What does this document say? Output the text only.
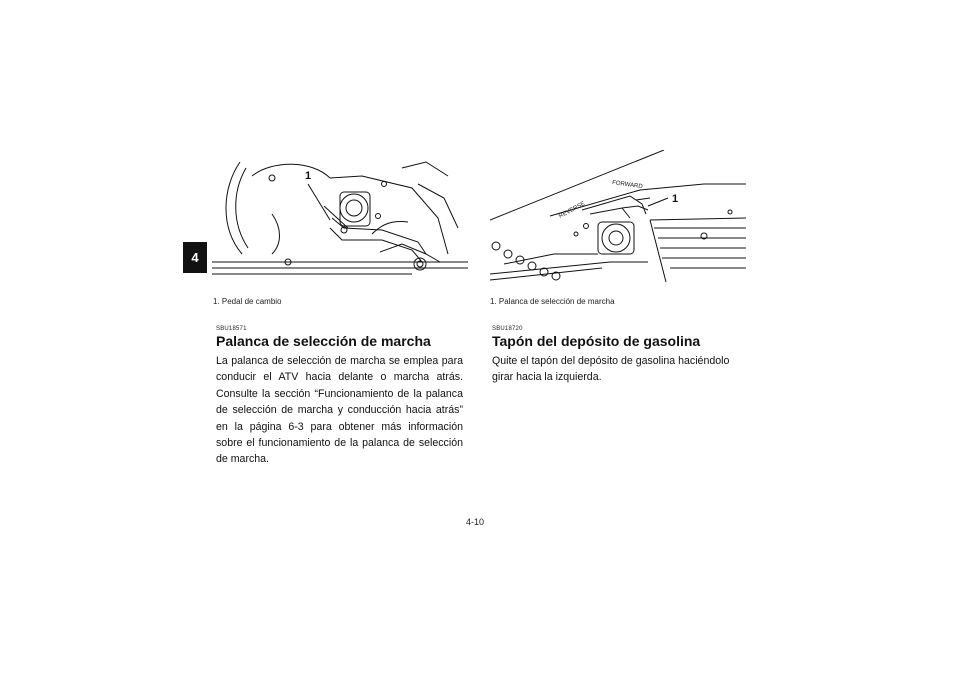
4
1
REVERSE
FORWARD
1
1. Pedal de cambio
SBU18571
Palanca de selección de marcha

La palanca de selección de marcha se emplea para conducir el ATV hacia delante o marcha atrás. Consulte la sección “Funcionamiento de la palanca de selección de marcha y conducción hacia atrás” en la página 6-3 para obtener más información sobre el funcionamiento de la palanca de selección de marcha.

1. Palanca de selección de marcha
SBU18720
Tapón del depósito de gasolina

Quite el tapón del depósito de gasolina haciéndolo girar hacia la izquierda.

4-10
